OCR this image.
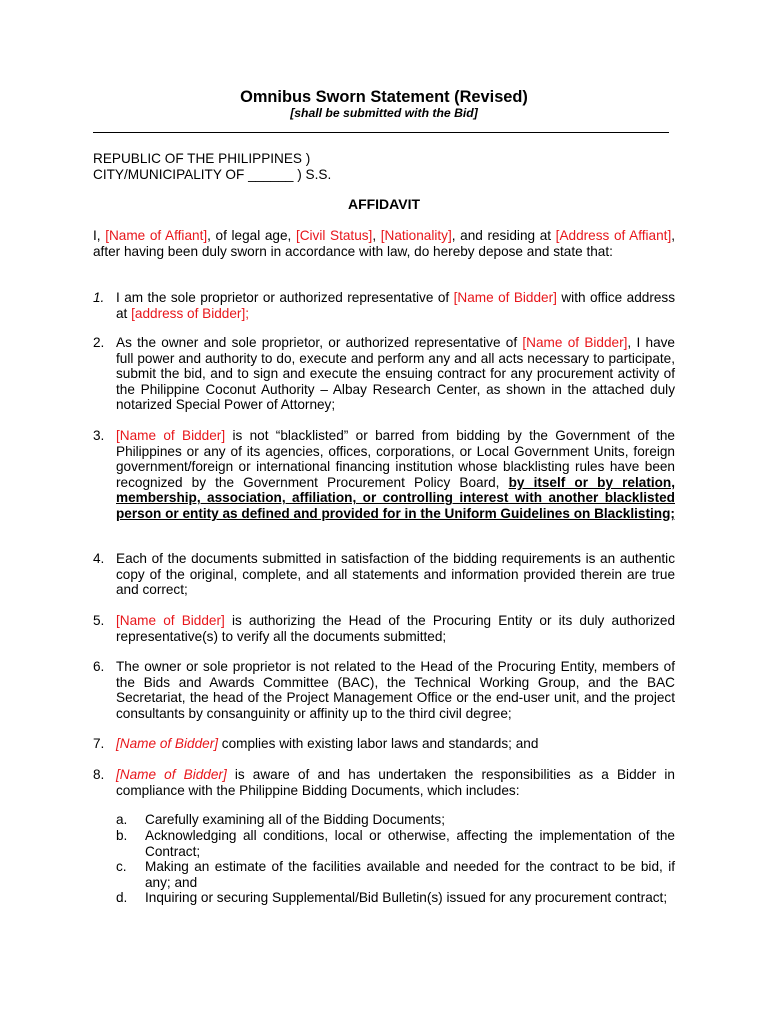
Omnibus Sworn Statement (Revised)
[shall be submitted with the Bid]
REPUBLIC OF THE PHILIPPINES )
CITY/MUNICIPALITY OF ______ ) S.S.
AFFIDAVIT
I, [Name of Affiant], of legal age, [Civil Status], [Nationality], and residing at [Address of Affiant], after having been duly sworn in accordance with law, do hereby depose and state that:
1. I am the sole proprietor or authorized representative of [Name of Bidder] with office address at [address of Bidder];
2. As the owner and sole proprietor, or authorized representative of [Name of Bidder], I have full power and authority to do, execute and perform any and all acts necessary to participate, submit the bid, and to sign and execute the ensuing contract for any procurement activity of the Philippine Coconut Authority – Albay Research Center, as shown in the attached duly notarized Special Power of Attorney;
3. [Name of Bidder] is not “blacklisted” or barred from bidding by the Government of the Philippines or any of its agencies, offices, corporations, or Local Government Units, foreign government/foreign or international financing institution whose blacklisting rules have been recognized by the Government Procurement Policy Board, by itself or by relation, membership, association, affiliation, or controlling interest with another blacklisted person or entity as defined and provided for in the Uniform Guidelines on Blacklisting;
4. Each of the documents submitted in satisfaction of the bidding requirements is an authentic copy of the original, complete, and all statements and information provided therein are true and correct;
5. [Name of Bidder] is authorizing the Head of the Procuring Entity or its duly authorized representative(s) to verify all the documents submitted;
6. The owner or sole proprietor is not related to the Head of the Procuring Entity, members of the Bids and Awards Committee (BAC), the Technical Working Group, and the BAC Secretariat, the head of the Project Management Office or the end-user unit, and the project consultants by consanguinity or affinity up to the third civil degree;
7. [Name of Bidder] complies with existing labor laws and standards; and
8. [Name of Bidder] is aware of and has undertaken the responsibilities as a Bidder in compliance with the Philippine Bidding Documents, which includes:
a.	Carefully examining all of the Bidding Documents;
b.	Acknowledging all conditions, local or otherwise, affecting the implementation of the Contract;
c.	Making an estimate of the facilities available and needed for the contract to be bid, if any; and
d.	Inquiring or securing Supplemental/Bid Bulletin(s) issued for any procurement contract;
